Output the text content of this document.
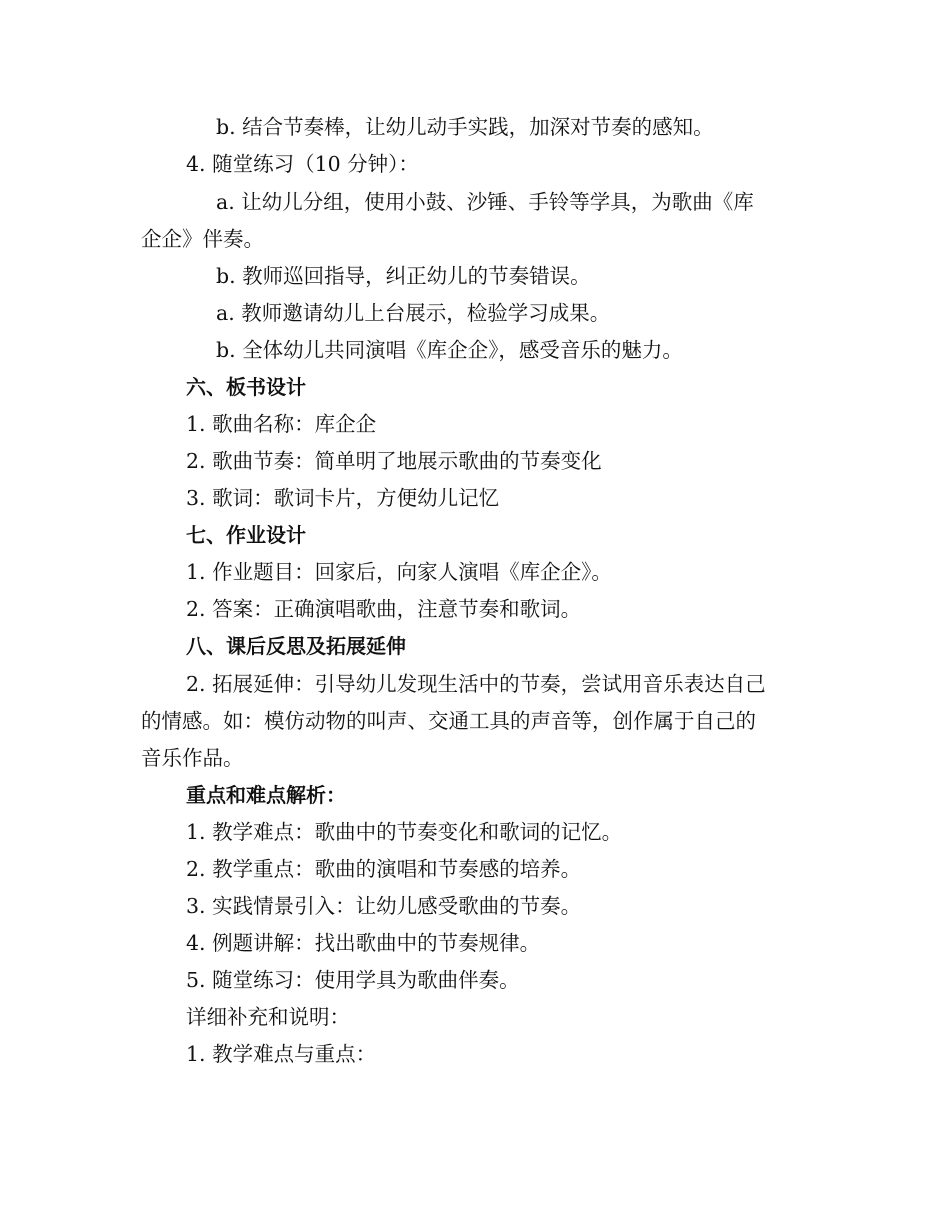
b. 结合节奏棒，让幼儿动手实践，加深对节奏的感知。
4. 随堂练习（10 分钟）：
a. 让幼儿分组，使用小鼓、沙锤、手铃等学具，为歌曲《库
企企》伴奏。
b. 教师巡回指导，纠正幼儿的节奏错误。
a. 教师邀请幼儿上台展示，检验学习成果。
b. 全体幼儿共同演唱《库企企》，感受音乐的魅力。
六、板书设计
1. 歌曲名称：库企企
2. 歌曲节奏：简单明了地展示歌曲的节奏变化
3. 歌词：歌词卡片，方便幼儿记忆
七、作业设计
1. 作业题目：回家后，向家人演唱《库企企》。
2. 答案：正确演唱歌曲，注意节奏和歌词。
八、课后反思及拓展延伸
2. 拓展延伸：引导幼儿发现生活中的节奏，尝试用音乐表达自己
的情感。如：模仿动物的叫声、交通工具的声音等，创作属于自己的
音乐作品。
重点和难点解析：
1. 教学难点：歌曲中的节奏变化和歌词的记忆。
2. 教学重点：歌曲的演唱和节奏感的培养。
3. 实践情景引入：让幼儿感受歌曲的节奏。
4. 例题讲解：找出歌曲中的节奏规律。
5. 随堂练习：使用学具为歌曲伴奏。
详细补充和说明：
1. 教学难点与重点：
